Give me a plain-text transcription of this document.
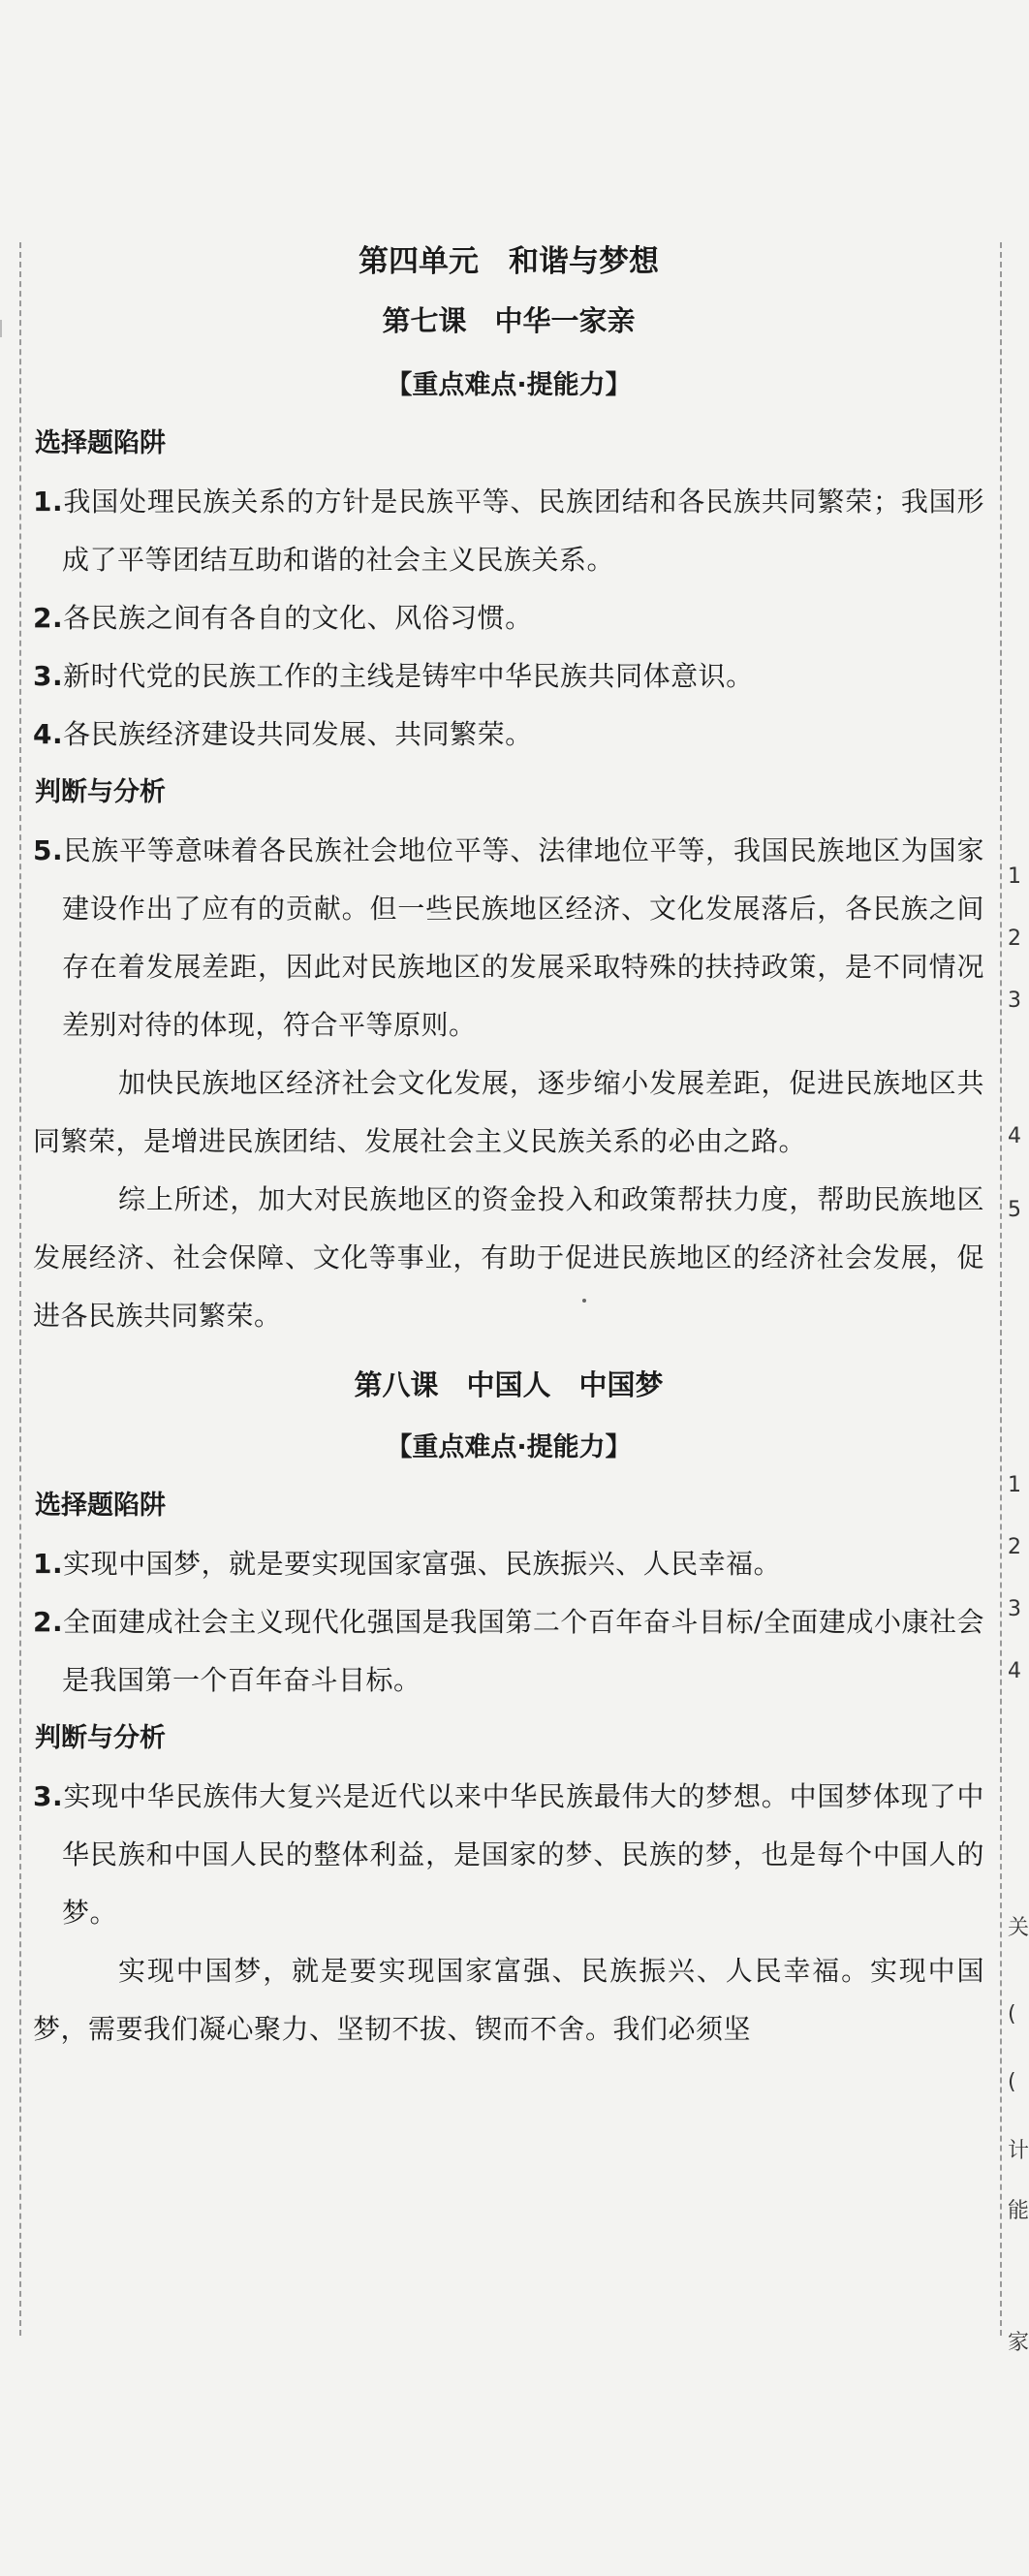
第四单元　和谐与梦想
第七课　中华一家亲
【重点难点·提能力】
选择题陷阱
1.我国处理民族关系的方针是民族平等、民族团结和各民族共同繁荣；我国形成了平等团结互助和谐的社会主义民族关系。
2.各民族之间有各自的文化、风俗习惯。
3.新时代党的民族工作的主线是铸牢中华民族共同体意识。
4.各民族经济建设共同发展、共同繁荣。
判断与分析
5.民族平等意味着各民族社会地位平等、法律地位平等，我国民族地区为国家建设作出了应有的贡献。但一些民族地区经济、文化发展落后，各民族之间存在着发展差距，因此对民族地区的发展采取特殊的扶持政策，是不同情况差别对待的体现，符合平等原则。
加快民族地区经济社会文化发展，逐步缩小发展差距，促进民族地区共同繁荣，是增进民族团结、发展社会主义民族关系的必由之路。
综上所述，加大对民族地区的资金投入和政策帮扶力度，帮助民族地区发展经济、社会保障、文化等事业，有助于促进民族地区的经济社会发展，促进各民族共同繁荣。
第八课　中国人　中国梦
【重点难点·提能力】
选择题陷阱
1.实现中国梦，就是要实现国家富强、民族振兴、人民幸福。
2.全面建成社会主义现代化强国是我国第二个百年奋斗目标/全面建成小康社会是我国第一个百年奋斗目标。
判断与分析
3.实现中华民族伟大复兴是近代以来中华民族最伟大的梦想。中国梦体现了中华民族和中国人民的整体利益，是国家的梦、民族的梦，也是每个中国人的梦。
实现中国梦，就是要实现国家富强、民族振兴、人民幸福。实现中国梦，需要我们凝心聚力、坚韧不拔、锲而不舍。我们必须坚
1
2
3
4
5
1
2
3
4
关
(
(
计
能
家
